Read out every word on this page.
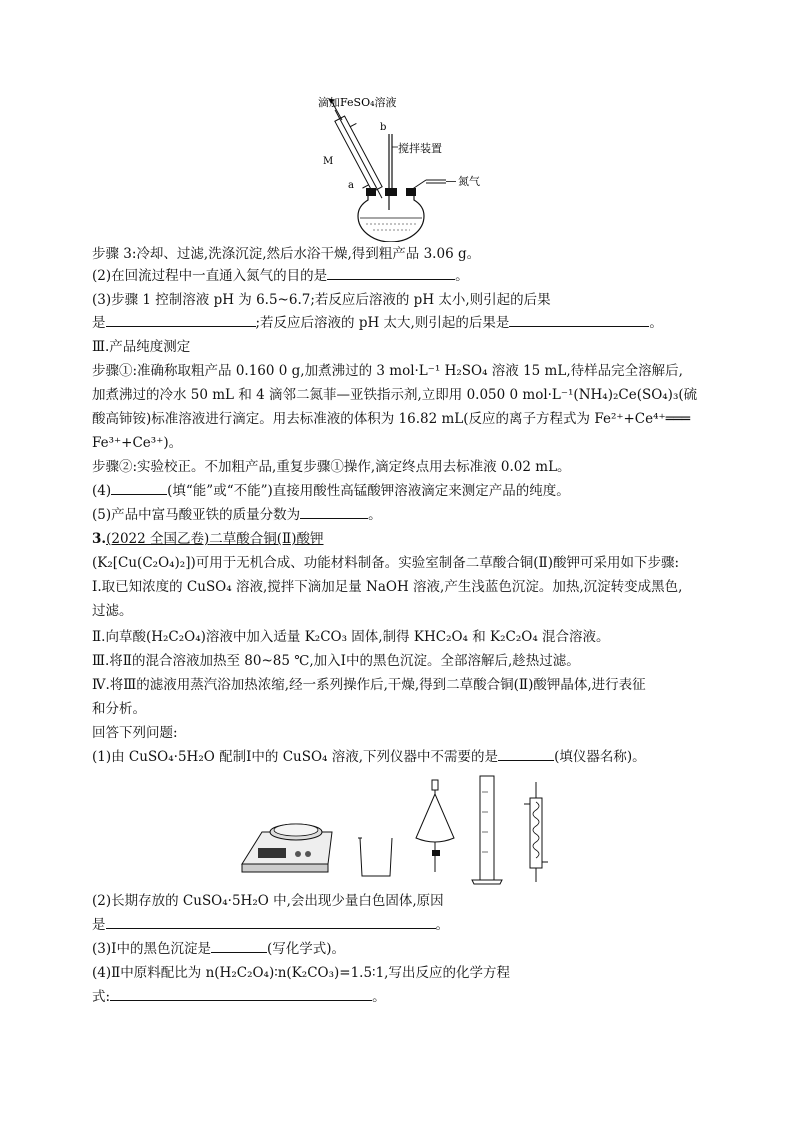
滴加FeSO₄溶液
b
M
a
搅拌装置
氮气
步骤 3:冷却、过滤,洗涤沉淀,然后水浴干燥,得到粗产品 3.06 g。
(2)在回流过程中一直通入氮气的目的是	。
(3)步骤 1 控制溶液 pH 为 6.5~6.7;若反应后溶液的 pH 太小,则引起的后果
是	;若反应后溶液的 pH 太大,则引起的后果是	。
Ⅲ.产品纯度测定
步骤①:准确称取粗产品 0.160 0 g,加煮沸过的 3 mol·L⁻¹ H₂SO₄ 溶液 15 mL,待样品完全溶解后,
加煮沸过的冷水 50 mL 和 4 滴邻二氮菲—亚铁指示剂,立即用 0.050 0 mol·L⁻¹(NH₄)₂Ce(SO₄)₃(硫
酸高铈铵)标准溶液进行滴定。用去标准液的体积为 16.82 mL(反应的离子方程式为 Fe²⁺+Ce⁴⁺═══
Fe³⁺+Ce³⁺)。
步骤②:实验校正。不加粗产品,重复步骤①操作,滴定终点用去标准液 0.02 mL。
(4)	(填“能”或“不能”)直接用酸性高锰酸钾溶液滴定来测定产品的纯度。
(5)产品中富马酸亚铁的质量分数为	。
3.(2022 全国乙卷)二草酸合铜(Ⅱ)酸钾
(K₂[Cu(C₂O₄)₂])可用于无机合成、功能材料制备。实验室制备二草酸合铜(Ⅱ)酸钾可采用如下步骤:
Ⅰ.取已知浓度的 CuSO₄ 溶液,搅拌下滴加足量 NaOH 溶液,产生浅蓝色沉淀。加热,沉淀转变成黑色,
过滤。
Ⅱ.向草酸(H₂C₂O₄)溶液中加入适量 K₂CO₃ 固体,制得 KHC₂O₄ 和 K₂C₂O₄ 混合溶液。
Ⅲ.将Ⅱ的混合溶液加热至 80~85 ℃,加入Ⅰ中的黑色沉淀。全部溶解后,趁热过滤。
Ⅳ.将Ⅲ的滤液用蒸汽浴加热浓缩,经一系列操作后,干燥,得到二草酸合铜(Ⅱ)酸钾晶体,进行表征
和分析。
回答下列问题:
(1)由 CuSO₄·5H₂O 配制Ⅰ中的 CuSO₄ 溶液,下列仪器中不需要的是	(填仪器名称)。
(2)长期存放的 CuSO₄·5H₂O 中,会出现少量白色固体,原因
是	。
(3)Ⅰ中的黑色沉淀是	(写化学式)。
(4)Ⅱ中原料配比为 n(H₂C₂O₄)∶n(K₂CO₃)=1.5∶1,写出反应的化学方程
式:	。
